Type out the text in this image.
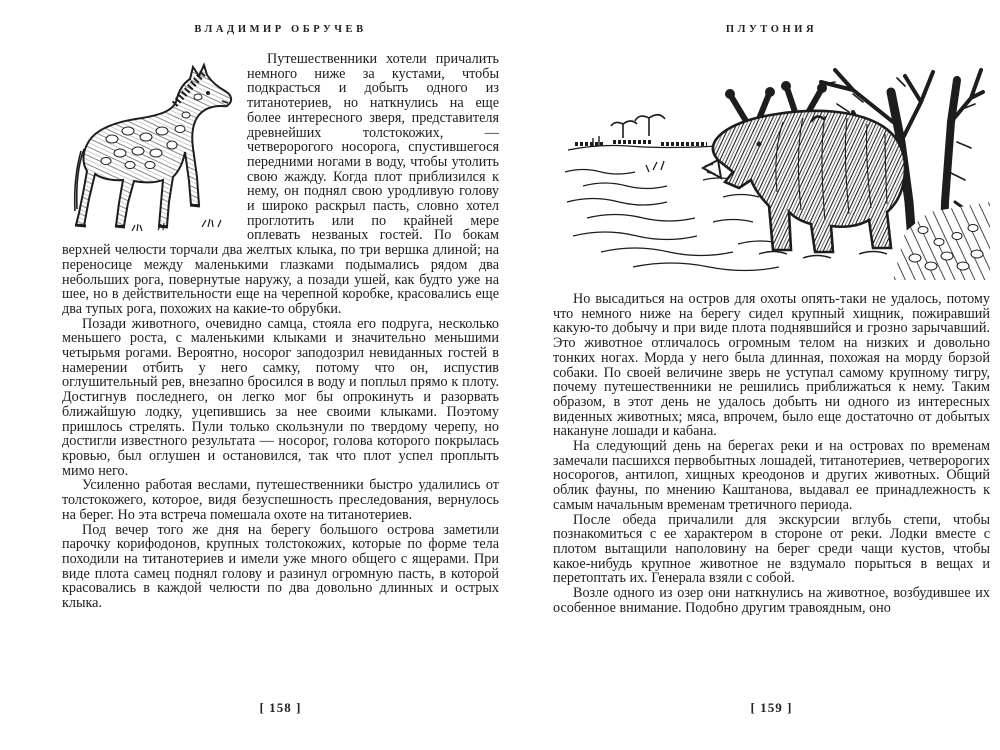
ВЛАДИМИР ОБРУЧЕВ

Путешественники хотели причалить немного ниже за кустами, чтобы подкрасться и добыть одного из титанотериев, но наткнулись на еще более интересного зверя, представителя древнейших толстокожих, — четверорогого носорога, спустившегося передними ногами в воду, чтобы утолить свою жажду. Когда плот приблизился к нему, он поднял свою уродливую голову и широко раскрыл пасть, словно хотел проглотить или по крайней мере оплевать незваных гостей. По бокам верхней челюсти торчали два желтых клыка, по три вершка длиной; на переносице между маленькими глазками подымались рядом два небольших рога, повернутые наружу, а позади ушей, как будто уже на шее, но в действительности еще на черепной коробке, красовались еще два тупых рога, похожих на какие-то обрубки.

Позади животного, очевидно самца, стояла его подруга, несколько меньшего роста, с маленькими клыками и значительно меньшими четырьмя рогами. Вероятно, носорог заподозрил невиданных гостей в намерении отбить у него самку, потому что он, испустив оглушительный рев, внезапно бросился в воду и поплыл прямо к плоту. Достигнув последнего, он легко мог бы опрокинуть и разорвать ближайшую лодку, уцепившись за нее своими клыками. Поэтому пришлось стрелять. Пули только скользнули по твердому черепу, но достигли известного результата — носорог, голова которого покрылась кровью, был оглушен и остановился, так что плот успел проплыть мимо него.

Усиленно работая веслами, путешественники быстро удалились от толстокожего, которое, видя безуспешность преследования, вернулось на берег. Но эта встреча помешала охоте на титанотериев.

Под вечер того же дня на берегу большого острова заметили парочку корифодонов, крупных толстокожих, которые по форме тела походили на титанотериев и имели уже много общего с ящерами. При виде плота самец поднял голову и разинул огромную пасть, в которой красовались в каждой челюсти по два довольно длинных и острых клыка.

[ 158 ]
ПЛУТОНИЯ

Но высадиться на остров для охоты опять-таки не удалось, потому что немного ниже на берегу сидел крупный хищник, пожиравший какую-то добычу и при виде плота поднявшийся и грозно зарычавший. Это животное отличалось огромным телом на низких и довольно тонких ногах. Морда у него была длинная, похожая на морду борзой собаки. По своей величине зверь не уступал самому крупному тигру, почему путешественники не решились приближаться к нему. Таким образом, в этот день не удалось добыть ни одного из интересных виденных животных; мяса, впрочем, было еще достаточно от добытых накануне лошади и кабана.

На следующий день на берегах реки и на островах по временам замечали пасшихся первобытных лошадей, титанотериев, четверорогих носорогов, антилоп, хищных креодонов и других животных. Общий облик фауны, по мнению Каштанова, выдавал ее принадлежность к самым начальным временам третичного периода.

После обеда причалили для экскурсии вглубь степи, чтобы познакомиться с ее характером в стороне от реки. Лодки вместе с плотом вытащили наполовину на берег среди чащи кустов, чтобы какое-нибудь крупное животное не вздумало порыться в вещах и перетоптать их. Генерала взяли с собой.

Возле одного из озер они наткнулись на животное, возбудившее их особенное внимание. Подобно другим травоядным, оно

[ 159 ]
